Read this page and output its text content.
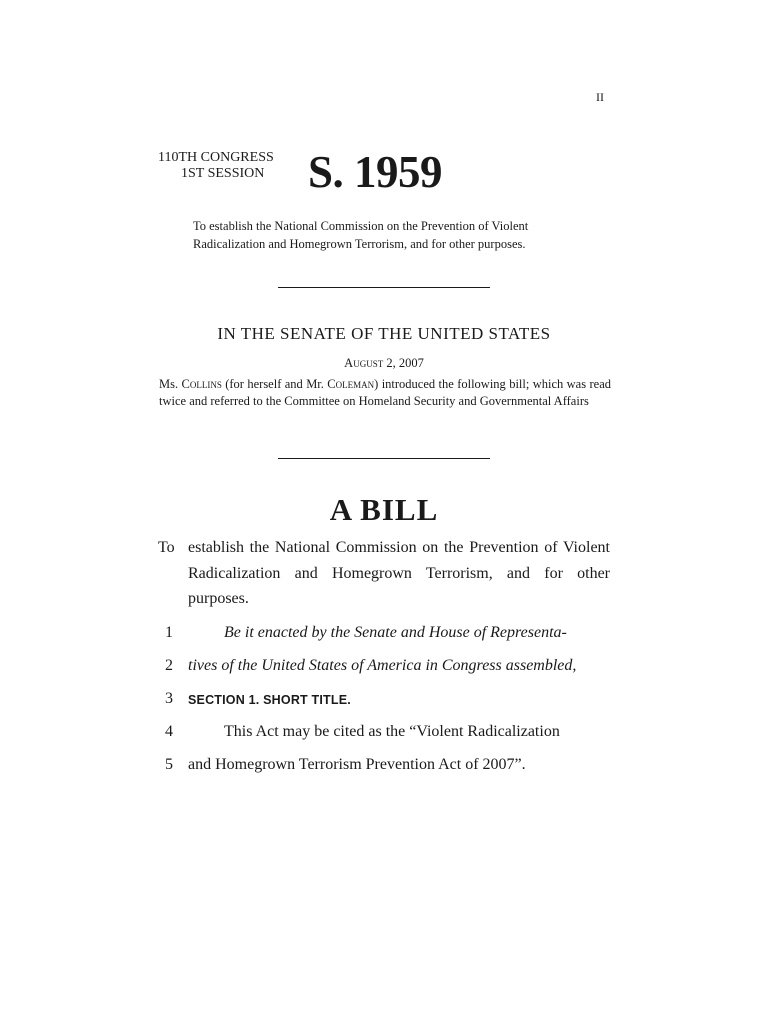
II
110TH CONGRESS
1ST SESSION S. 1959
To establish the National Commission on the Prevention of Violent Radicalization and Homegrown Terrorism, and for other purposes.
IN THE SENATE OF THE UNITED STATES
August 2, 2007
Ms. Collins (for herself and Mr. Coleman) introduced the following bill; which was read twice and referred to the Committee on Homeland Security and Governmental Affairs
A BILL
To establish the National Commission on the Prevention of Violent Radicalization and Homegrown Terrorism, and for other purposes.
1	Be it enacted by the Senate and House of Representa-
2 tives of the United States of America in Congress assembled,
3	SECTION 1. SHORT TITLE.
4	This Act may be cited as the “Violent Radicalization
5 and Homegrown Terrorism Prevention Act of 2007”.
